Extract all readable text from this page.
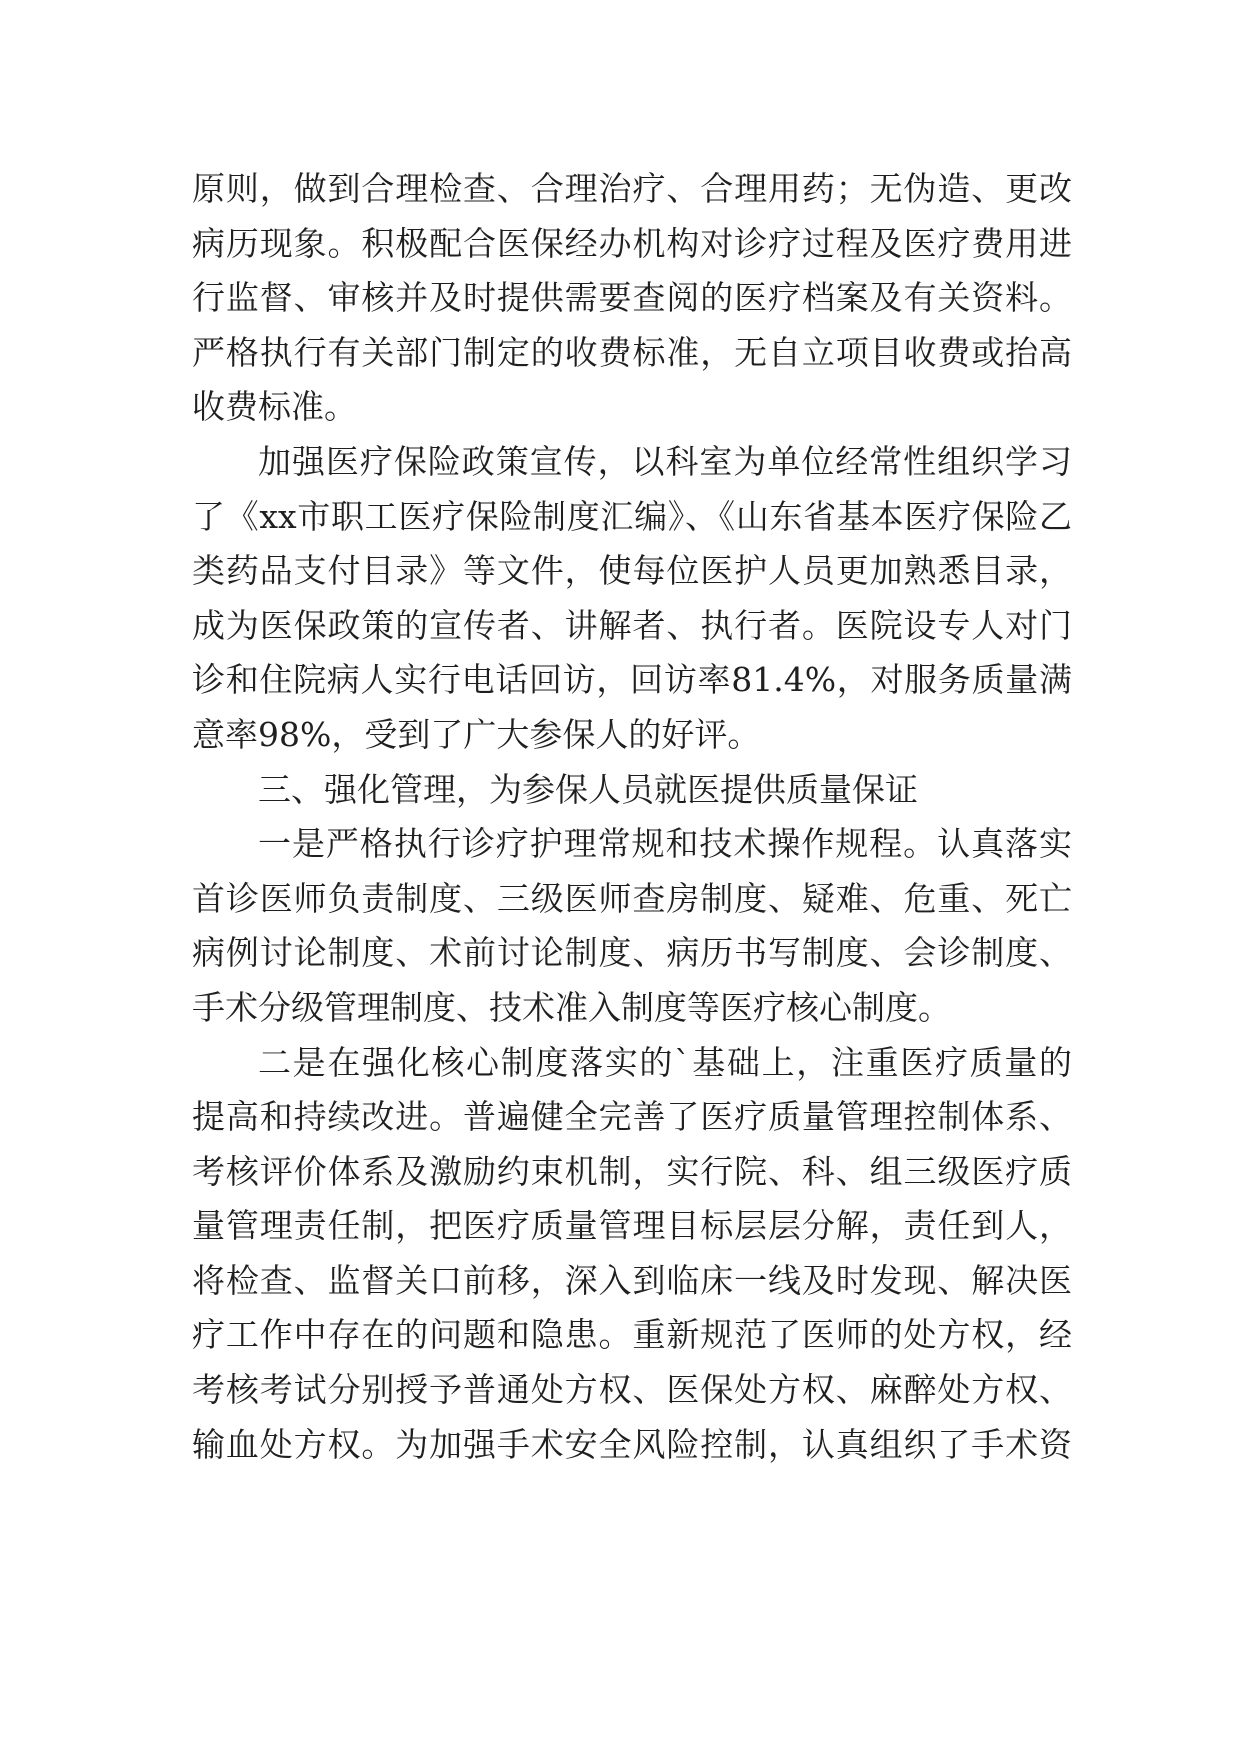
原则，做到合理检查、合理治疗、合理用药；无伪造、更改
病历现象。积极配合医保经办机构对诊疗过程及医疗费用进
行监督、审核并及时提供需要查阅的医疗档案及有关资料。
严格执行有关部门制定的收费标准，无自立项目收费或抬高
收费标准。
加强医疗保险政策宣传，以科室为单位经常性组织学习
了《xx市职工医疗保险制度汇编》、《山东省基本医疗保险乙
类药品支付目录》等文件，使每位医护人员更加熟悉目录，
成为医保政策的宣传者、讲解者、执行者。医院设专人对门
诊和住院病人实行电话回访，回访率81.4%，对服务质量满
意率98%，受到了广大参保人的好评。
三、强化管理，为参保人员就医提供质量保证
一是严格执行诊疗护理常规和技术操作规程。认真落实
首诊医师负责制度、三级医师查房制度、疑难、危重、死亡
病例讨论制度、术前讨论制度、病历书写制度、会诊制度、
手术分级管理制度、技术准入制度等医疗核心制度。
二是在强化核心制度落实的`基础上，注重医疗质量的
提高和持续改进。普遍健全完善了医疗质量管理控制体系、
考核评价体系及激励约束机制，实行院、科、组三级医疗质
量管理责任制，把医疗质量管理目标层层分解，责任到人，
将检查、监督关口前移，深入到临床一线及时发现、解决医
疗工作中存在的问题和隐患。重新规范了医师的处方权，经
考核考试分别授予普通处方权、医保处方权、麻醉处方权、
输血处方权。为加强手术安全风险控制，认真组织了手术资
